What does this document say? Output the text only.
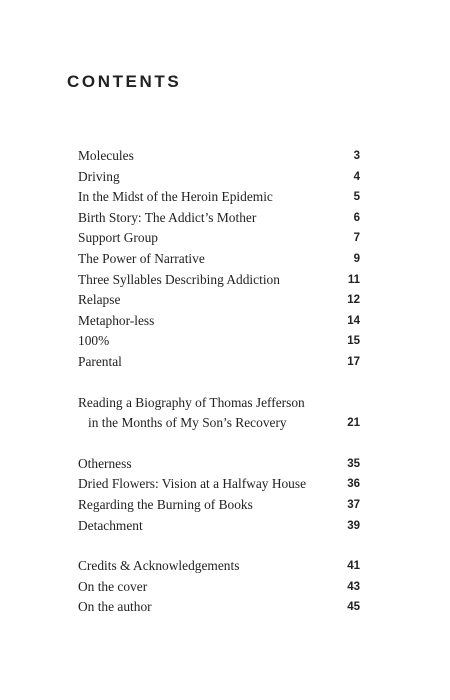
CONTENTS
Molecules	3
Driving	4
In the Midst of the Heroin Epidemic	5
Birth Story: The Addict’s Mother	6
Support Group	7
The Power of Narrative	9
Three Syllables Describing Addiction	11
Relapse	12
Metaphor-less	14
100%	15
Parental	17
Reading a Biography of Thomas Jefferson
in the Months of My Son’s Recovery	21
Otherness	35
Dried Flowers: Vision at a Halfway House	36
Regarding the Burning of Books	37
Detachment	39
Credits & Acknowledgements	41
On the cover	43
On the author	45
